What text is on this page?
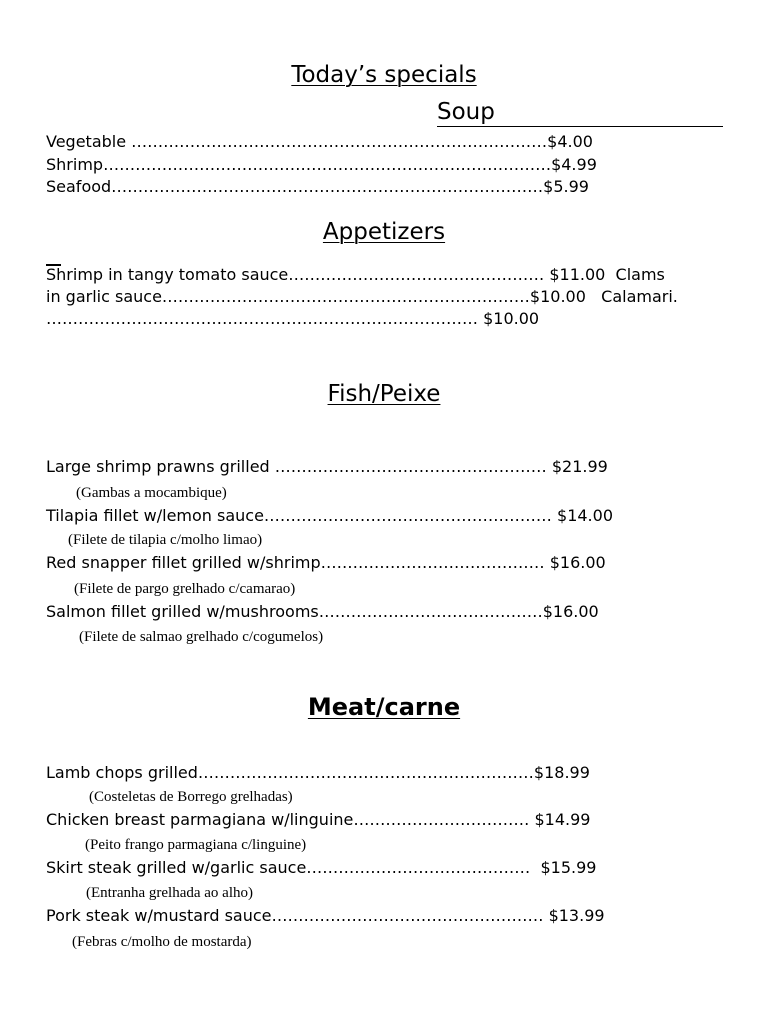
Today’s specials
Soup
Vegetable ……………………………………………………………………$4.00
Shrimp…………………………………………………………………………$4.99
Seafood………………………………………………………………………$5.99
Appetizers
Shrimp in tangy tomato sauce………………………………………… $11.00  Clams
in garlic sauce……………………………………………………………$10.00   Calamari.
……………………………………………………………………… $10.00
Fish/Peixe
Large shrimp prawns grilled …………………………………………… $21.99
(Gambas a mocambique)
Tilapia fillet w/lemon sauce……………………………………………… $14.00
(Filete de tilapia c/molho limao)
Red snapper fillet grilled w/shrimp…………………………………… $16.00
(Filete de pargo grelhado c/camarao)
Salmon fillet grilled w/mushrooms……………………………………$16.00
(Filete de salmao grelhado c/cogumelos)
Meat/carne
Lamb chops grilled………………………………………………………$18.99
(Costeletas de Borrego grelhadas)
Chicken breast parmagiana w/linguine…………………………… $14.99
(Peito frango parmagiana c/linguine)
Skirt steak grilled w/garlic sauce……………………………………  $15.99
(Entranha grelhada ao alho)
Pork steak w/mustard sauce…………………………………………… $13.99
(Febras c/molho de mostarda)
